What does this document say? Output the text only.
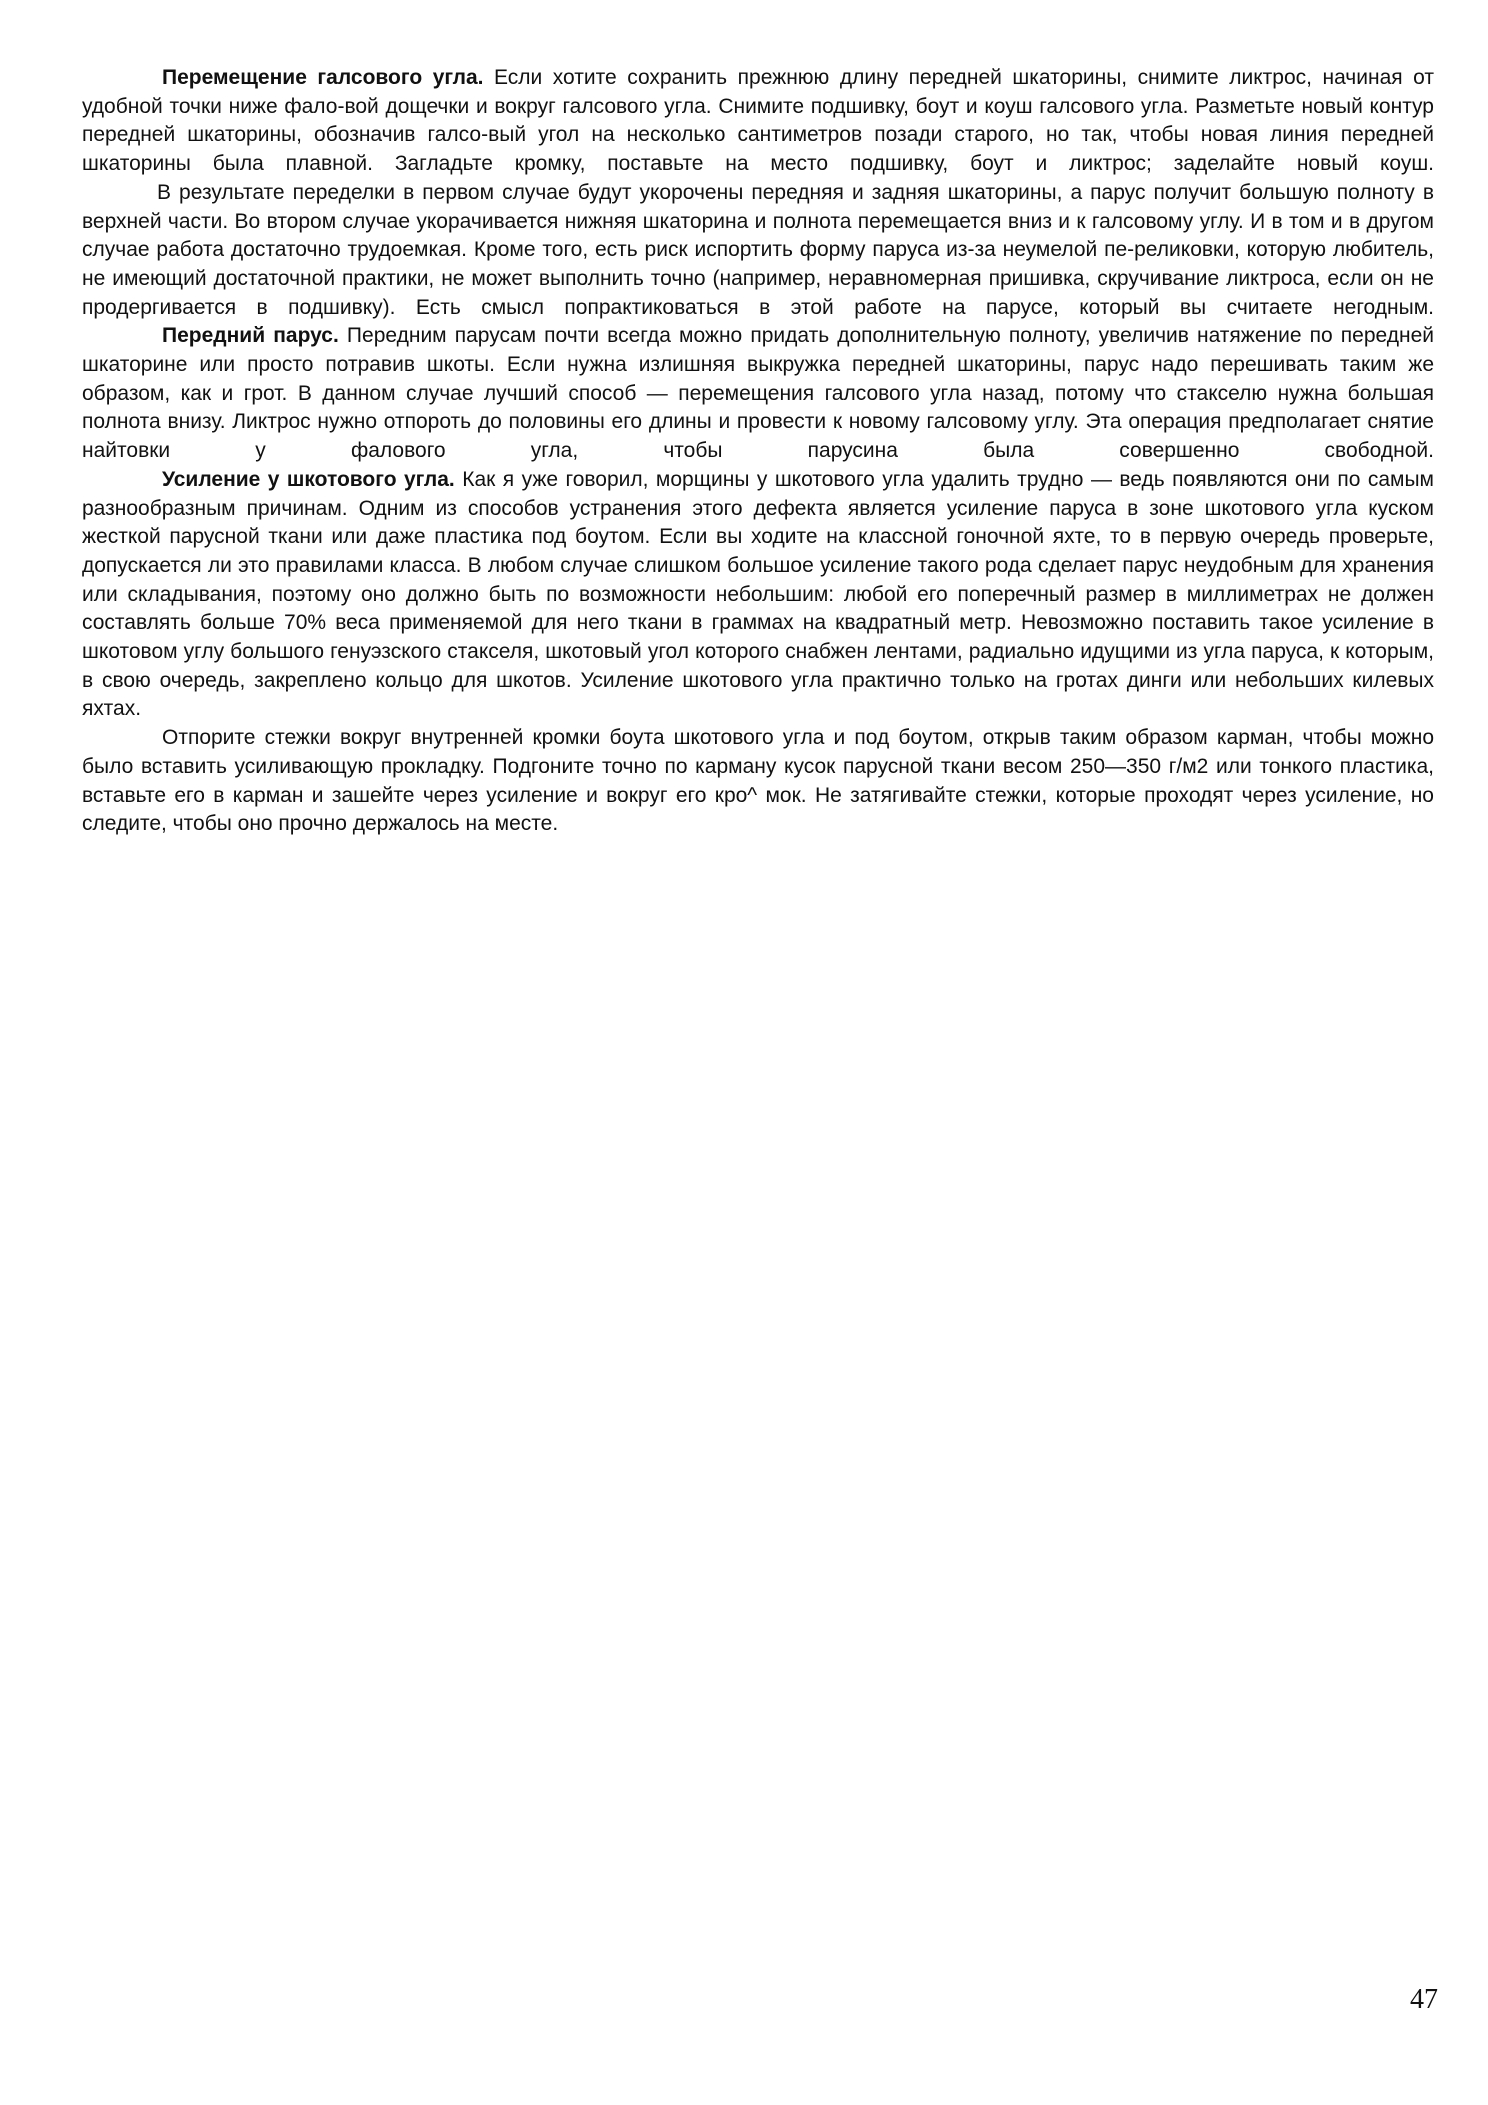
Перемещение галсового угла. Если хотите сохранить прежнюю длину передней шкаторины, снимите ликтрос, начиная от удобной точки ниже фало-вой дощечки и вокруг галсового угла. Снимите подшивку, боут и коуш галсового угла. Разметьте новый контур передней шкаторины, обозначив галсо-вый угол на несколько сантиметров позади старого, но так, чтобы новая линия передней шкаторины была плавной. Загладьте кромку, поставьте на место подшивку, боут и ликтрос; заделайте новый коуш.

В результате переделки в первом случае будут укорочены передняя и задняя шкаторины, а парус получит большую полноту в верхней части. Во втором случае укорачивается нижняя шкаторина и полнота перемещается вниз и к галсовому углу. И в том и в другом случае работа достаточно трудоемкая. Кроме того, есть риск испортить форму паруса из-за неумелой пе-реликовки, которую любитель, не имеющий достаточной практики, не может выполнить точно (например, неравномерная пришивка, скручивание ликтроса, если он не продергивается в подшивку). Есть смысл попрактиковаться в этой работе на парусе, который вы считаете негодным.

Передний парус. Передним парусам почти всегда можно придать дополнительную полноту, увеличив натяжение по передней шкаторине или просто потравив шкоты. Если нужна излишняя выкружка передней шкаторины, парус надо перешивать таким же образом, как и грот. В данном случае лучший способ — перемещения галсового угла назад, потому что стакселю нужна большая полнота внизу. Ликтрос нужно отпороть до половины его длины и провести к новому галсовому углу. Эта операция предполагает снятие найтовки у фалового угла, чтобы парусина была совершенно свободной.

Усиление у шкотового угла. Как я уже говорил, морщины у шкотового угла удалить трудно — ведь появляются они по самым разнообразным причинам. Одним из способов устранения этого дефекта является усиление паруса в зоне шкотового угла куском жесткой парусной ткани или даже пластика под боутом. Если вы ходите на классной гоночной яхте, то в первую очередь проверьте, допускается ли это правилами класса. В любом случае слишком большое усиление такого рода сделает парус неудобным для хранения или складывания, поэтому оно должно быть по возможности небольшим: любой его поперечный размер в миллиметрах не должен составлять больше 70% веса применяемой для него ткани в граммах на квадратный метр. Невозможно поставить такое усиление в шкотовом углу большого генуэзского стакселя, шкотовый угол которого снабжен лентами, радиально идущими из угла паруса, к которым, в свою очередь, закреплено кольцо для шкотов. Усиление шкотового угла практично только на гротах динги или небольших килевых яхтах.

Отпорите стежки вокруг внутренней кромки боута шкотового угла и под боутом, открыв таким образом карман, чтобы можно было вставить усиливающую прокладку. Подгоните точно по карману кусок парусной ткани весом 250—350 г/м2 или тонкого пластика, вставьте его в карман и зашейте через усиление и вокруг его кро^ мок. Не затягивайте стежки, которые проходят через усиление, но следите, чтобы оно прочно держалось на месте.

47
